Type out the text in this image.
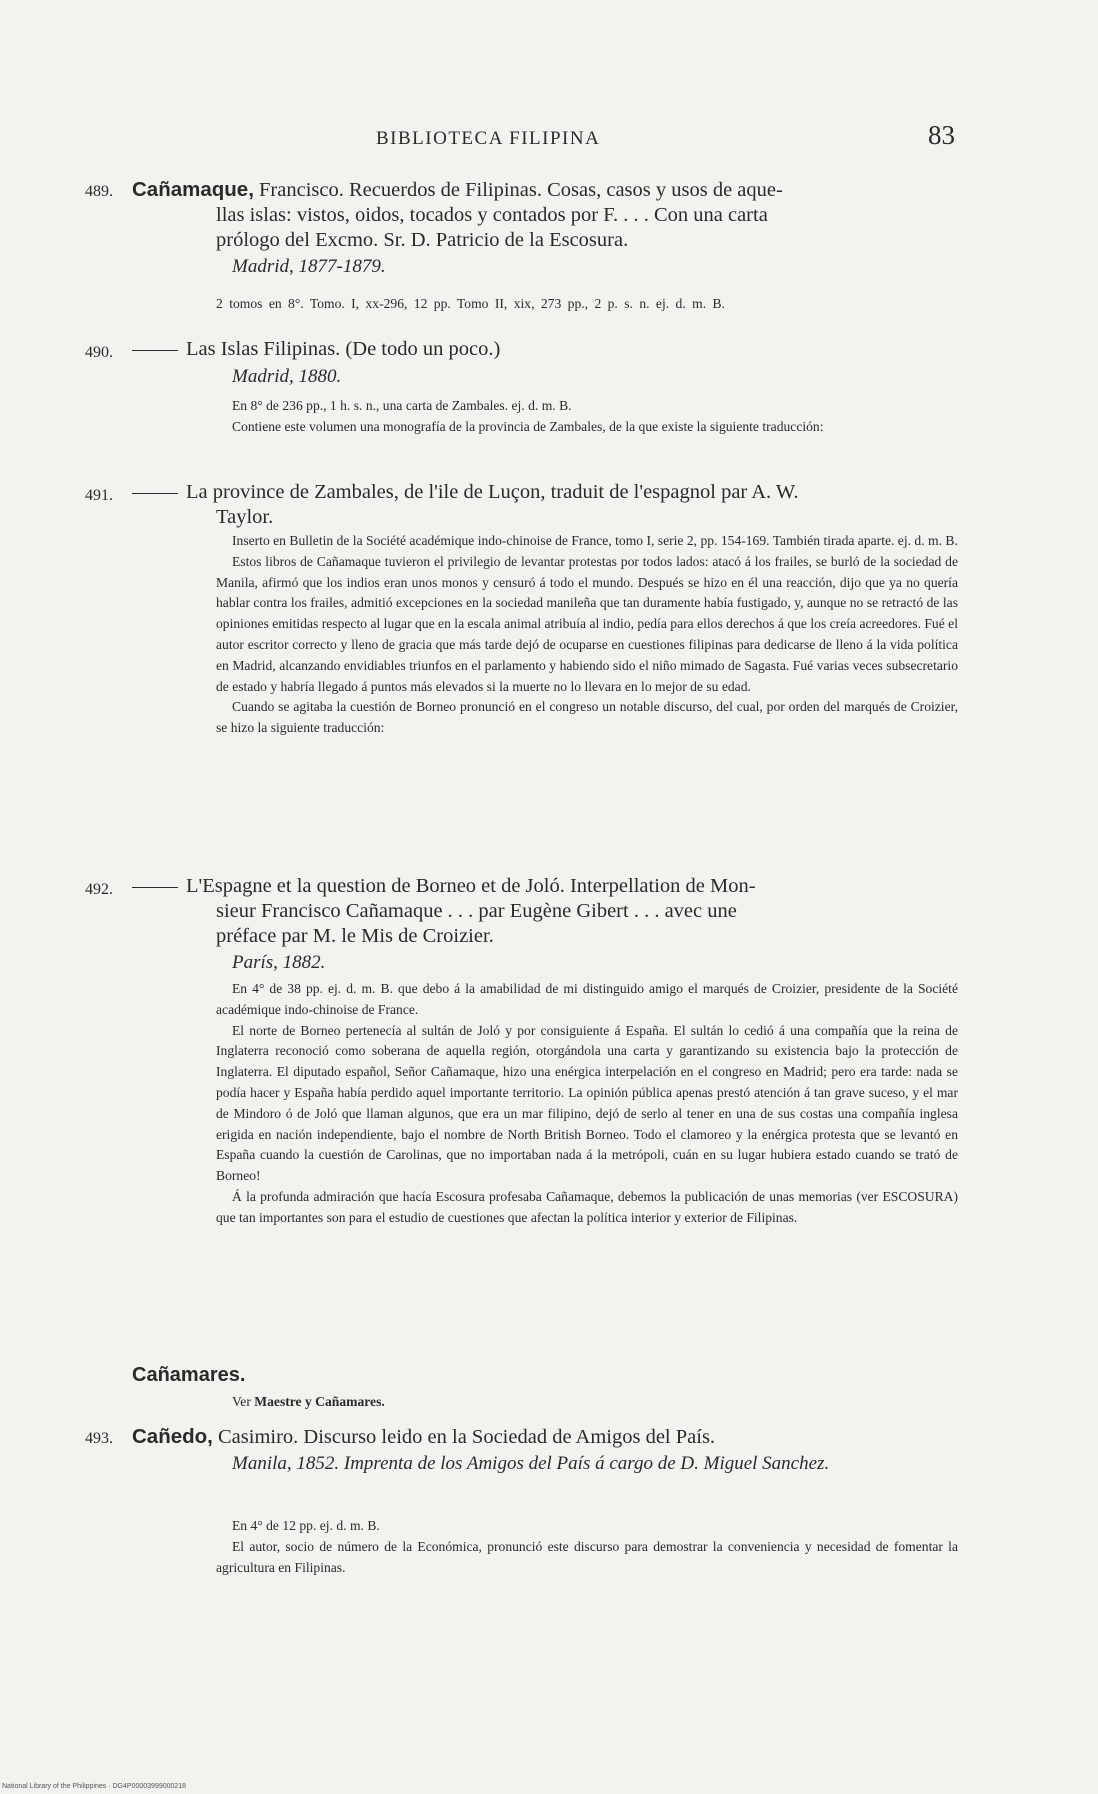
BIBLIOTECA FILIPINA	83
489. Cañamaque, Francisco. Recuerdos de Filipinas. Cosas, casos y usos de aque-
llas islas: vistos, oidos, tocados y contados por F. . . . Con una carta
prólogo del Excmo. Sr. D. Patricio de la Escosura.
Madrid, 1877-1879.
2 tomos en 8°. Tomo. I, xx-296, 12 pp. Tomo II, xix, 273 pp., 2 p. s. n. ej. d. m. B.
490.	Las Islas Filipinas. (De todo un poco.)
Madrid, 1880.

En 8° de 236 pp., 1 h. s. n., una carta de Zambales. ej. d. m. B.

Contiene este volumen una monografía de la provincia de Zambales, de la que existe la siguiente traducción:

491.	La province de Zambales, de l'ile de Luçon, traduit de l'espagnol par A. W.
Taylor.

Inserto en Bulletin de la Société académique indo-chinoise de France, tomo I, serie 2, pp. 154-169. También tirada aparte. ej. d. m. B.

Estos libros de Cañamaque tuvieron el privilegio de levantar protestas por todos lados: atacó á los frailes, se burló de la sociedad de Manila, afirmó que los indios eran unos monos y censuró á todo el mundo. Después se hizo en él una reacción, dijo que ya no quería hablar contra los frailes, admitió excepciones en la sociedad manileña que tan duramente había fustigado, y, aunque no se retractó de las opiniones emitidas respecto al lugar que en la escala animal atribuía al indio, pedía para ellos derechos á que los creía acreedores. Fué el autor escritor correcto y lleno de gracia que más tarde dejó de ocuparse en cuestiones filipinas para dedicarse de lleno á la vida política en Madrid, alcanzando envidiables triunfos en el parlamento y habiendo sido el niño mimado de Sagasta. Fué varias veces subsecretario de estado y habría llegado á puntos más elevados si la muerte no lo llevara en lo mejor de su edad.

Cuando se agitaba la cuestión de Borneo pronunció en el congreso un notable discurso, del cual, por orden del marqués de Croizier, se hizo la siguiente traducción:

492.	L'Espagne et la question de Borneo et de Joló. Interpellation de Mon-
sieur Francisco Cañamaque . . . par Eugène Gibert . . . avec une
préface par M. le Mis de Croizier.
París, 1882.

En 4° de 38 pp. ej. d. m. B. que debo á la amabilidad de mi distinguido amigo el marqués de Croizier, presidente de la Société académique indo-chinoise de France.

El norte de Borneo pertenecía al sultán de Joló y por consiguiente á España. El sultán lo cedió á una compañía que la reina de Inglaterra reconoció como soberana de aquella región, otorgándola una carta y garantizando su existencia bajo la protección de Inglaterra. El diputado español, Señor Cañamaque, hizo una enérgica interpelación en el congreso en Madrid; pero era tarde: nada se podía hacer y España había perdido aquel importante territorio. La opinión pública apenas prestó atención á tan grave suceso, y el mar de Mindoro ó de Joló que llaman algunos, que era un mar filipino, dejó de serlo al tener en una de sus costas una compañía inglesa erigida en nación independiente, bajo el nombre de North British Borneo. Todo el clamoreo y la enérgica protesta que se levantó en España cuando la cuestión de Carolinas, que no importaban nada á la metrópoli, cuán en su lugar hubiera estado cuando se trató de Borneo!

Á la profunda admiración que hacía Escosura profesaba Cañamaque, debemos la publicación de unas memorias (ver ESCOSURA) que tan importantes son para el estudio de cuestiones que afectan la política interior y exterior de Filipinas.

Cañamares.

Ver Maestre y Cañamares.

493. Cañedo, Casimiro. Discurso leido en la Sociedad de Amigos del País.
Manila, 1852. Imprenta de los Amigos del País á cargo de D. Miguel Sanchez.

En 4° de 12 pp. ej. d. m. B.

El autor, socio de número de la Económica, pronunció este discurso para demostrar la conveniencia y necesidad de fomentar la agricultura en Filipinas.

National Library of the Philippines · DG4P00003999000218
